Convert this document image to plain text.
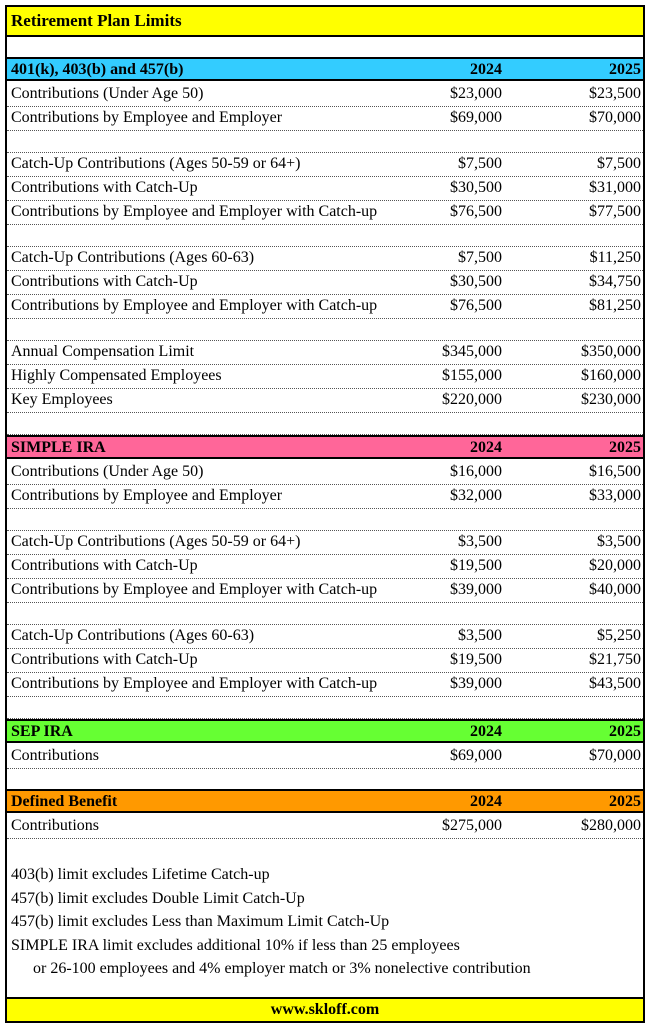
Retirement Plan Limits
401(k), 403(b) and 457(b)	2024	2025
Contributions (Under Age 50)	$23,000	$23,500
Contributions by Employee and Employer	$69,000	$70,000
Catch-Up Contributions (Ages 50-59 or 64+)	$7,500	$7,500
Contributions with Catch-Up	$30,500	$31,000
Contributions by Employee and Employer with Catch-up	$76,500	$77,500
Catch-Up Contributions (Ages 60-63)	$7,500	$11,250
Contributions with Catch-Up	$30,500	$34,750
Contributions by Employee and Employer with Catch-up	$76,500	$81,250
Annual Compensation Limit	$345,000	$350,000
Highly Compensated Employees	$155,000	$160,000
Key Employees	$220,000	$230,000
SIMPLE IRA	2024	2025
Contributions (Under Age 50)	$16,000	$16,500
Contributions by Employee and Employer	$32,000	$33,000
Catch-Up Contributions (Ages 50-59 or 64+)	$3,500	$3,500
Contributions with Catch-Up	$19,500	$20,000
Contributions by Employee and Employer with Catch-up	$39,000	$40,000
Catch-Up Contributions (Ages 60-63)	$3,500	$5,250
Contributions with Catch-Up	$19,500	$21,750
Contributions by Employee and Employer with Catch-up	$39,000	$43,500
SEP IRA	2024	2025
Contributions	$69,000	$70,000
Defined Benefit	2024	2025
Contributions	$275,000	$280,000
403(b) limit excludes Lifetime Catch-up
457(b) limit excludes Double Limit Catch-Up
457(b) limit excludes Less than Maximum Limit Catch-Up
SIMPLE IRA limit excludes additional 10% if less than 25 employees
or 26-100 employees and 4% employer match or 3% nonelective contribution
www.skloff.com
